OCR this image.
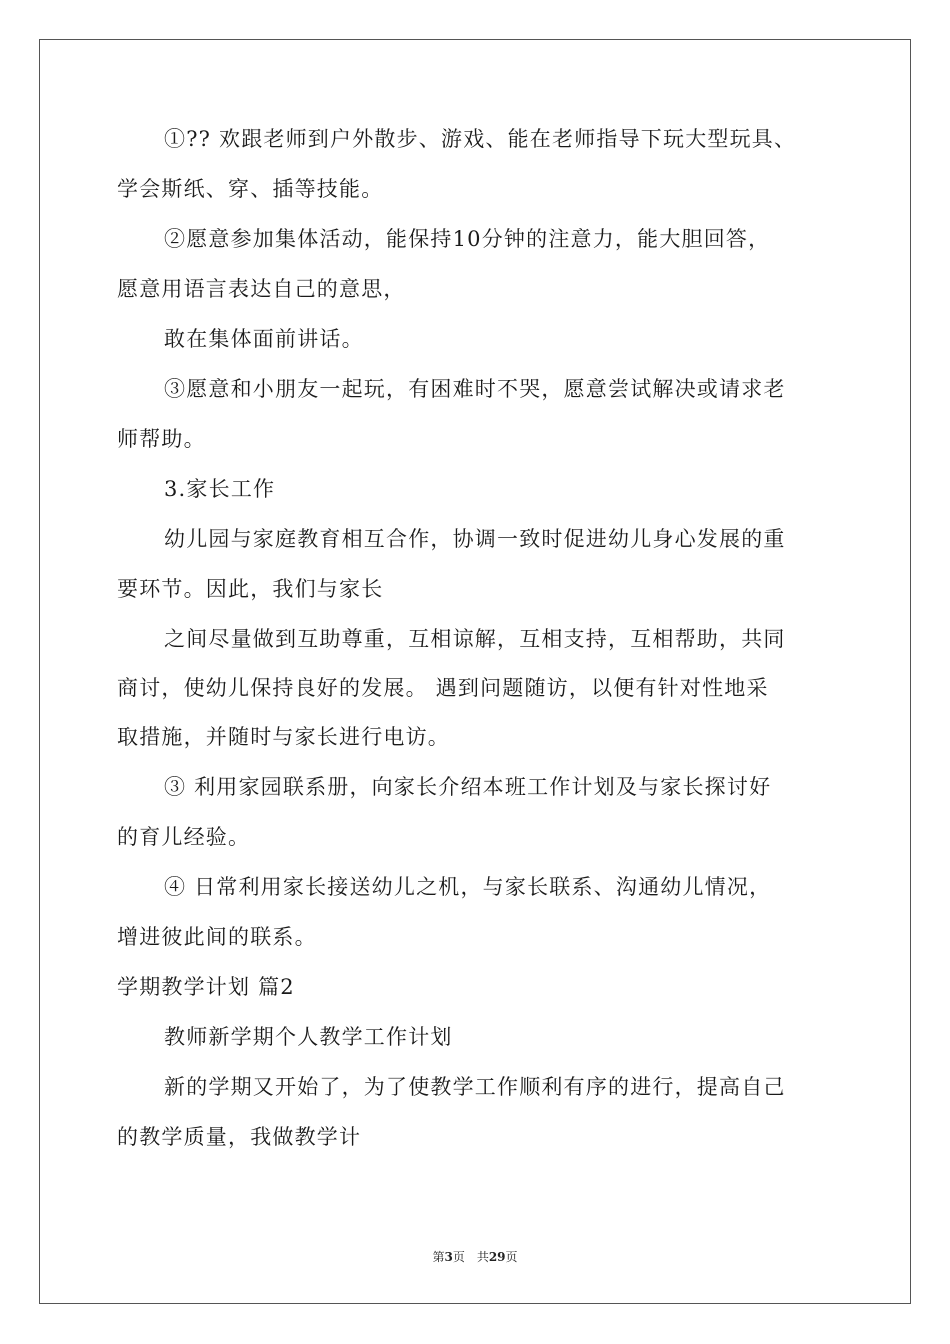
①?? 欢跟老师到户外散步、游戏、能在老师指导下玩大型玩具、
学会斯纸、穿、插等技能。
②愿意参加集体活动，能保持10分钟的注意力，能大胆回答，
愿意用语言表达自己的意思，
敢在集体面前讲话。
③愿意和小朋友一起玩，有困难时不哭，愿意尝试解决或请求老
师帮助。
3.家长工作
幼儿园与家庭教育相互合作，协调一致时促进幼儿身心发展的重
要环节。因此，我们与家长
之间尽量做到互助尊重，互相谅解，互相支持，互相帮助，共同
商讨，使幼儿保持良好的发展。 遇到问题随访，以便有针对性地采
取措施，并随时与家长进行电访。
③ 利用家园联系册，向家长介绍本班工作计划及与家长探讨好
的育儿经验。
④ 日常利用家长接送幼儿之机，与家长联系、沟通幼儿情况，
增进彼此间的联系。
学期教学计划 篇2
教师新学期个人教学工作计划
新的学期又开始了，为了使教学工作顺利有序的进行，提高自己
的教学质量，我做教学计
第3页　共29页
